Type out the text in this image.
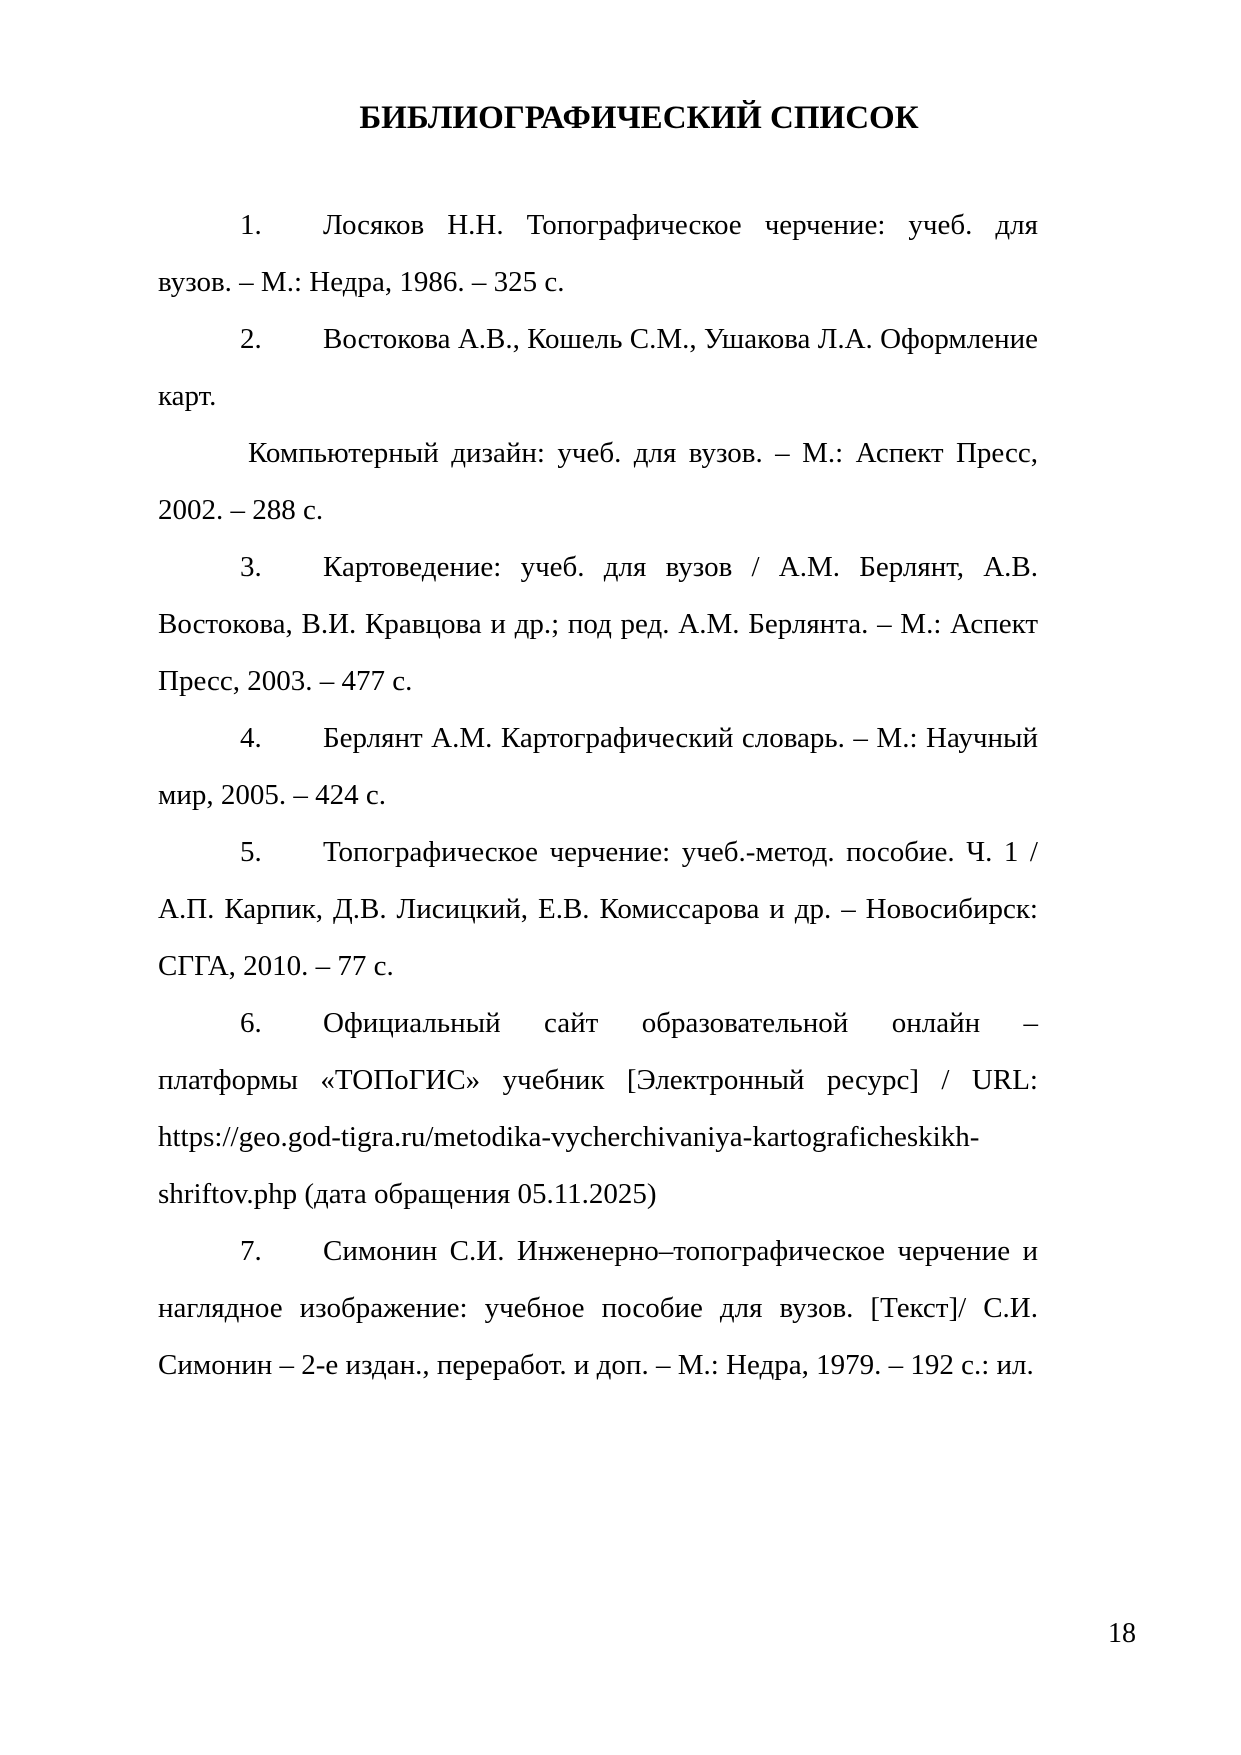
БИБЛИОГРАФИЧЕСКИЙ СПИСОК

1. Лосяков Н.Н. Топографическое черчение: учеб. для вузов. – М.: Недра, 1986. – 325 с.

2. Востокова А.В., Кошель С.М., Ушакова Л.А. Оформление карт.

Компьютерный дизайн: учеб. для вузов. – М.: Аспект Пресс, 2002. – 288 с.

3. Картоведение: учеб. для вузов / А.М. Берлянт, А.В. Востокова, В.И. Кравцова и др.; под ред. А.М. Берлянта. – М.: Аспект Пресс, 2003. – 477 с.

4. Берлянт А.М. Картографический словарь. – М.: Научный мир, 2005. – 424 с.

5. Топографическое черчение: учеб.-метод. пособие. Ч. 1 / А.П. Карпик, Д.В. Лисицкий, Е.В. Комиссарова и др. – Новосибирск: СГГА, 2010. – 77 с.

6. Официальный сайт образовательной онлайн – платформы «ТОПоГИС» учебник [Электронный ресурс] / URL: https://geo.god-tigra.ru/metodika-vycherchivaniya-kartograficheskikh-shriftov.php (дата обращения 05.11.2025)

7. Симонин С.И. Инженерно–топографическое черчение и наглядное изображение: учебное пособие для вузов. [Текст]/ С.И. Симонин – 2-е издан., переработ. и доп. – М.: Недра, 1979. – 192 с.: ил.

18
